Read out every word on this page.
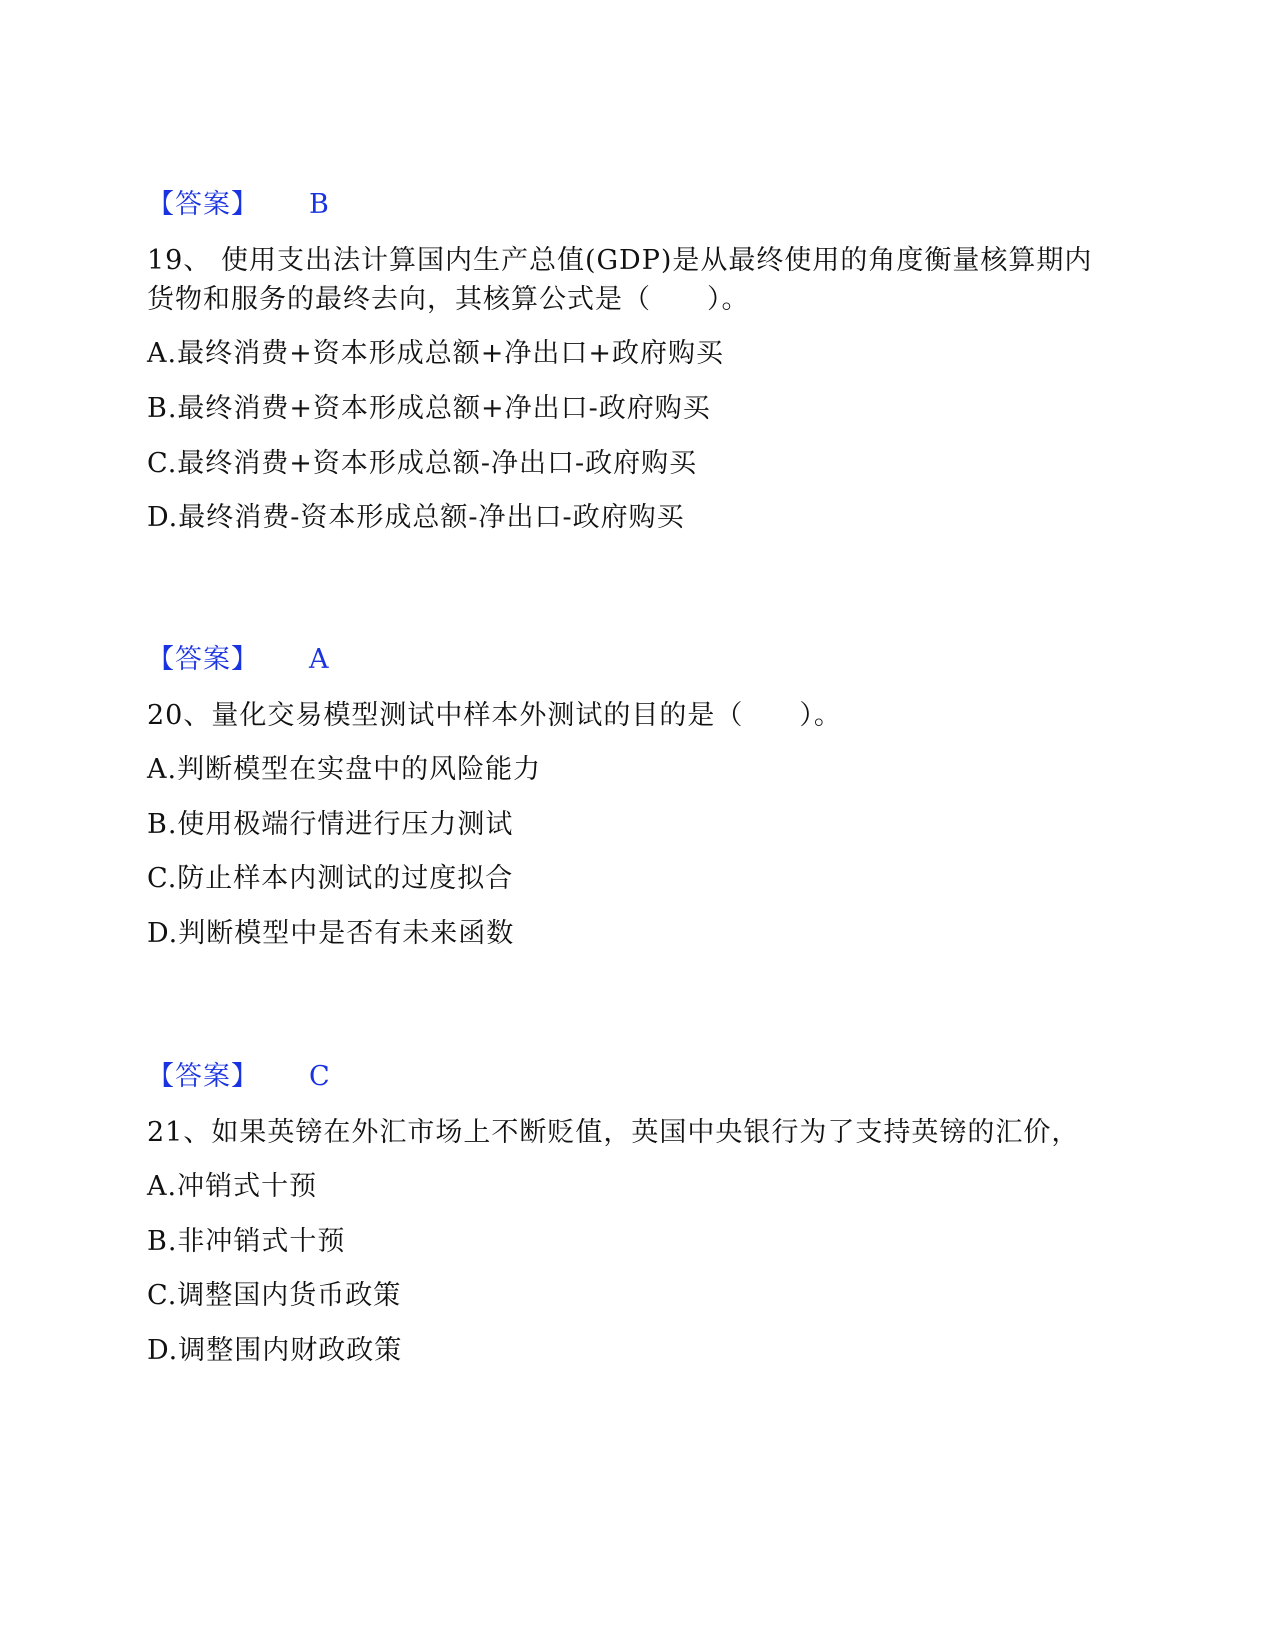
【答案】 B
19、 使用支出法计算国内生产总值(GDP)是从最终使用的角度衡量核算期内
货物和服务的最终去向，其核算公式是（　　）。
A.最终消费+资本形成总额+净出口+政府购买
B.最终消费+资本形成总额+净出口-政府购买
C.最终消费+资本形成总额-净出口-政府购买
D.最终消费-资本形成总额-净出口-政府购买
【答案】 A
20、量化交易模型测试中样本外测试的目的是（　　）。
A.判断模型在实盘中的风险能力
B.使用极端行情进行压力测试
C.防止样本内测试的过度拟合
D.判断模型中是否有未来函数
【答案】 C
21、如果英镑在外汇市场上不断贬值，英国中央银行为了支持英镑的汇价，
A.冲销式十预
B.非冲销式十预
C.调整国内货币政策
D.调整围内财政政策
